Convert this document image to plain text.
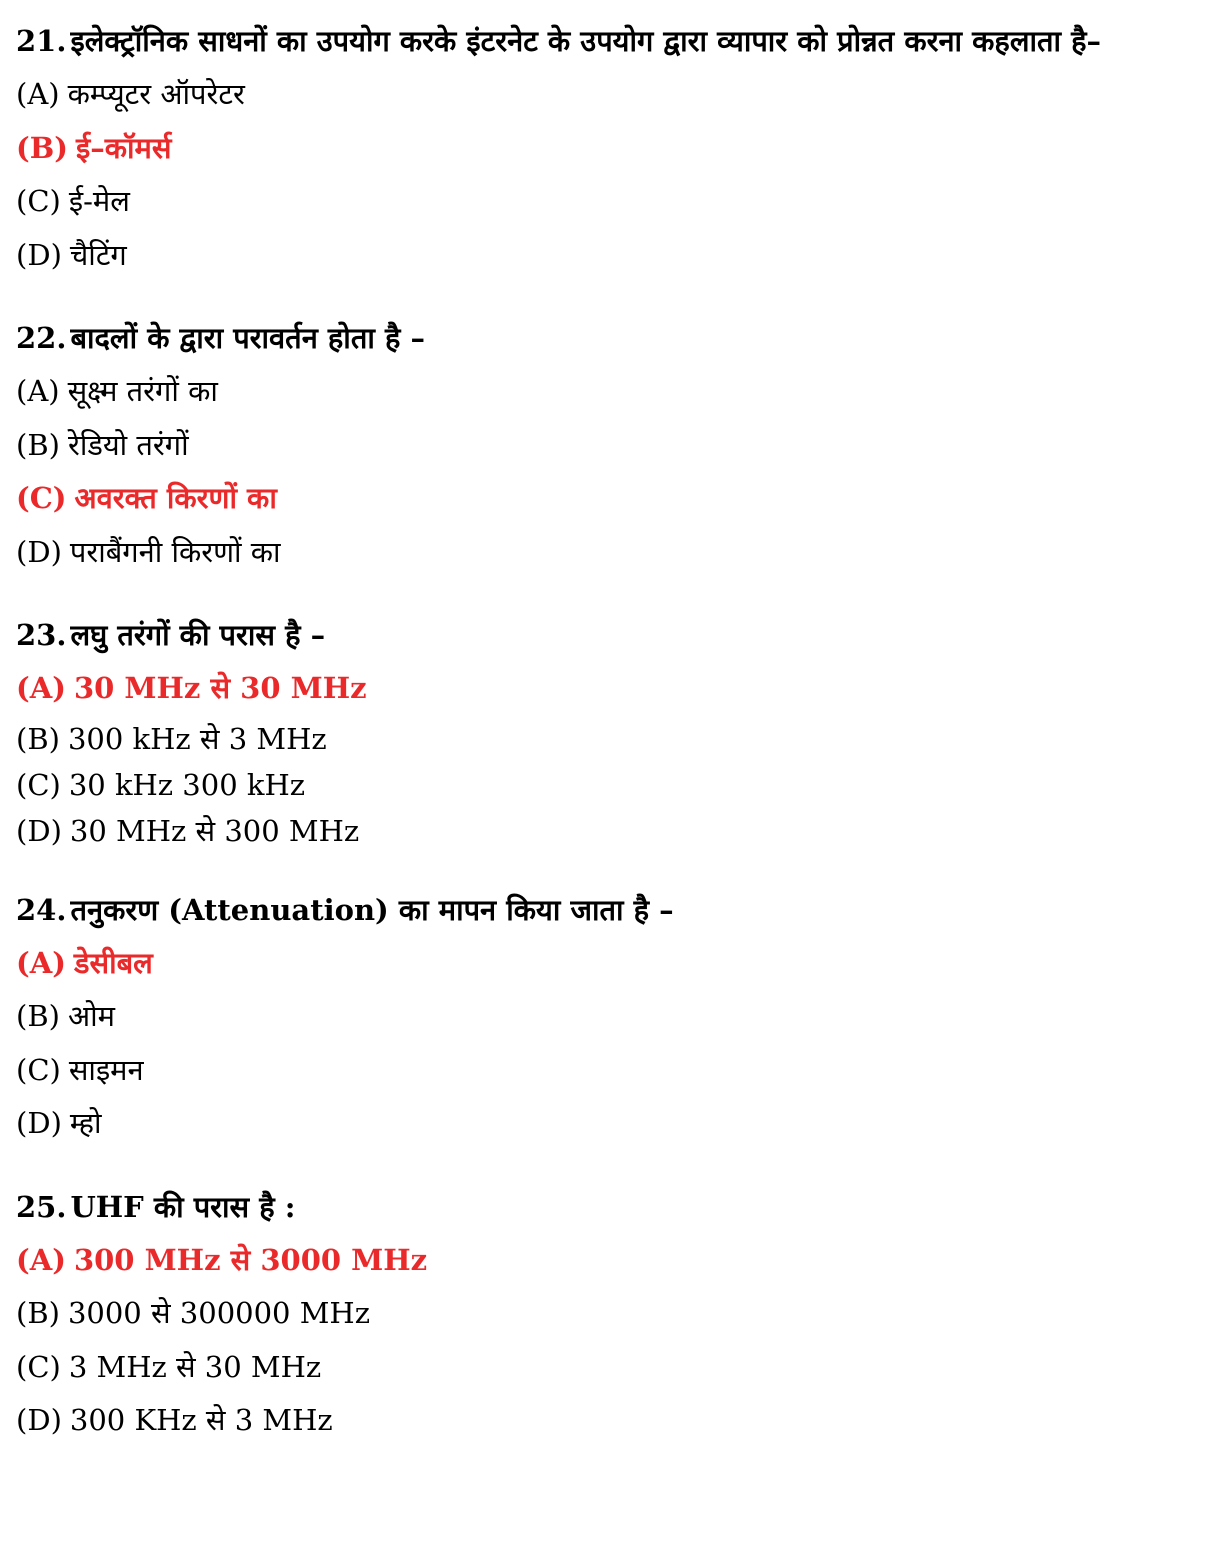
21. इलेक्ट्रॉनिक साधनों का उपयोग करके इंटरनेट के उपयोग द्वारा व्यापार को प्रोन्नत करना कहलाता है–

(A) कम्प्यूटर ऑपरेटर

(B) ई–कॉमर्स

(C) ई-मेल

(D) चैटिंग

22. बादलों के द्वारा परावर्तन होता है –

(A) सूक्ष्म तरंगों का

(B) रेडियो तरंगों

(C) अवरक्त किरणों का

(D) पराबैंगनी किरणों का

23. लघु तरंगों की परास है –

(A) 30 MHz से 30 MHz

(B) 300 kHz से 3 MHz

(C) 30 kHz 300 kHz

(D) 30 MHz से 300 MHz

24. तनुकरण (Attenuation) का मापन किया जाता है –

(A) डेसीबल

(B) ओम

(C) साइमन

(D) म्हो

25. UHF की परास है :

(A) 300 MHz से 3000 MHz

(B) 3000 से 300000 MHz

(C) 3 MHz से 30 MHz

(D) 300 KHz से 3 MHz
